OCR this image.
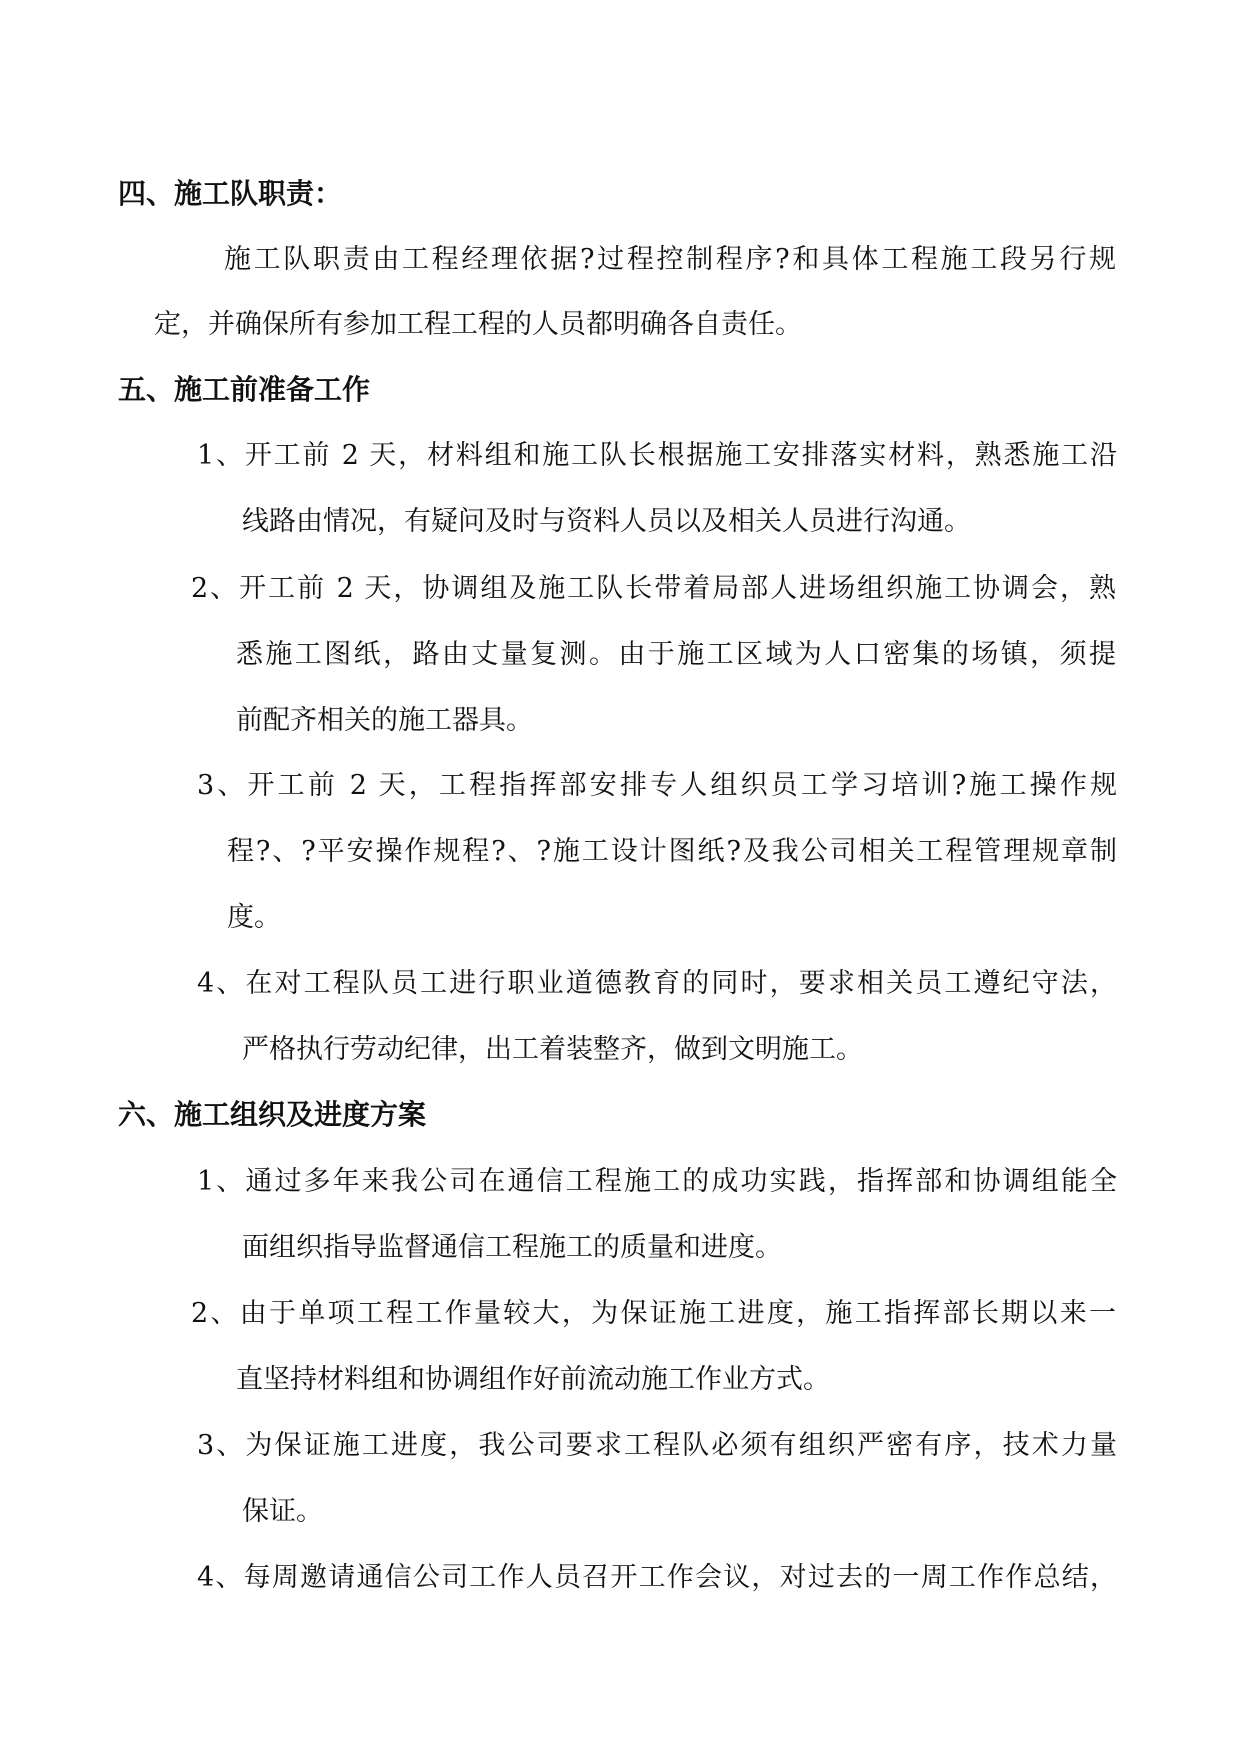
四、施工队职责：
施工队职责由工程经理依据?过程控制程序?和具体工程施工段另行规
定，并确保所有参加工程工程的人员都明确各自责任。
五、施工前准备工作
1、开工前 2 天，材料组和施工队长根据施工安排落实材料，熟悉施工沿
线路由情况，有疑问及时与资料人员以及相关人员进行沟通。
2、开工前 2 天，协调组及施工队长带着局部人进场组织施工协调会，熟
悉施工图纸，路由丈量复测。由于施工区域为人口密集的场镇，须提
前配齐相关的施工器具。
3、开工前 2 天，工程指挥部安排专人组织员工学习培训?施工操作规
程?、?平安操作规程?、?施工设计图纸?及我公司相关工程管理规章制
度。
4、在对工程队员工进行职业道德教育的同时，要求相关员工遵纪守法，
严格执行劳动纪律，出工着装整齐，做到文明施工。
六、施工组织及进度方案
1、通过多年来我公司在通信工程施工的成功实践，指挥部和协调组能全
面组织指导监督通信工程施工的质量和进度。
2、由于单项工程工作量较大，为保证施工进度，施工指挥部长期以来一
直坚持材料组和协调组作好前流动施工作业方式。
3、为保证施工进度，我公司要求工程队必须有组织严密有序，技术力量
保证。
4、每周邀请通信公司工作人员召开工作会议，对过去的一周工作作总结，
